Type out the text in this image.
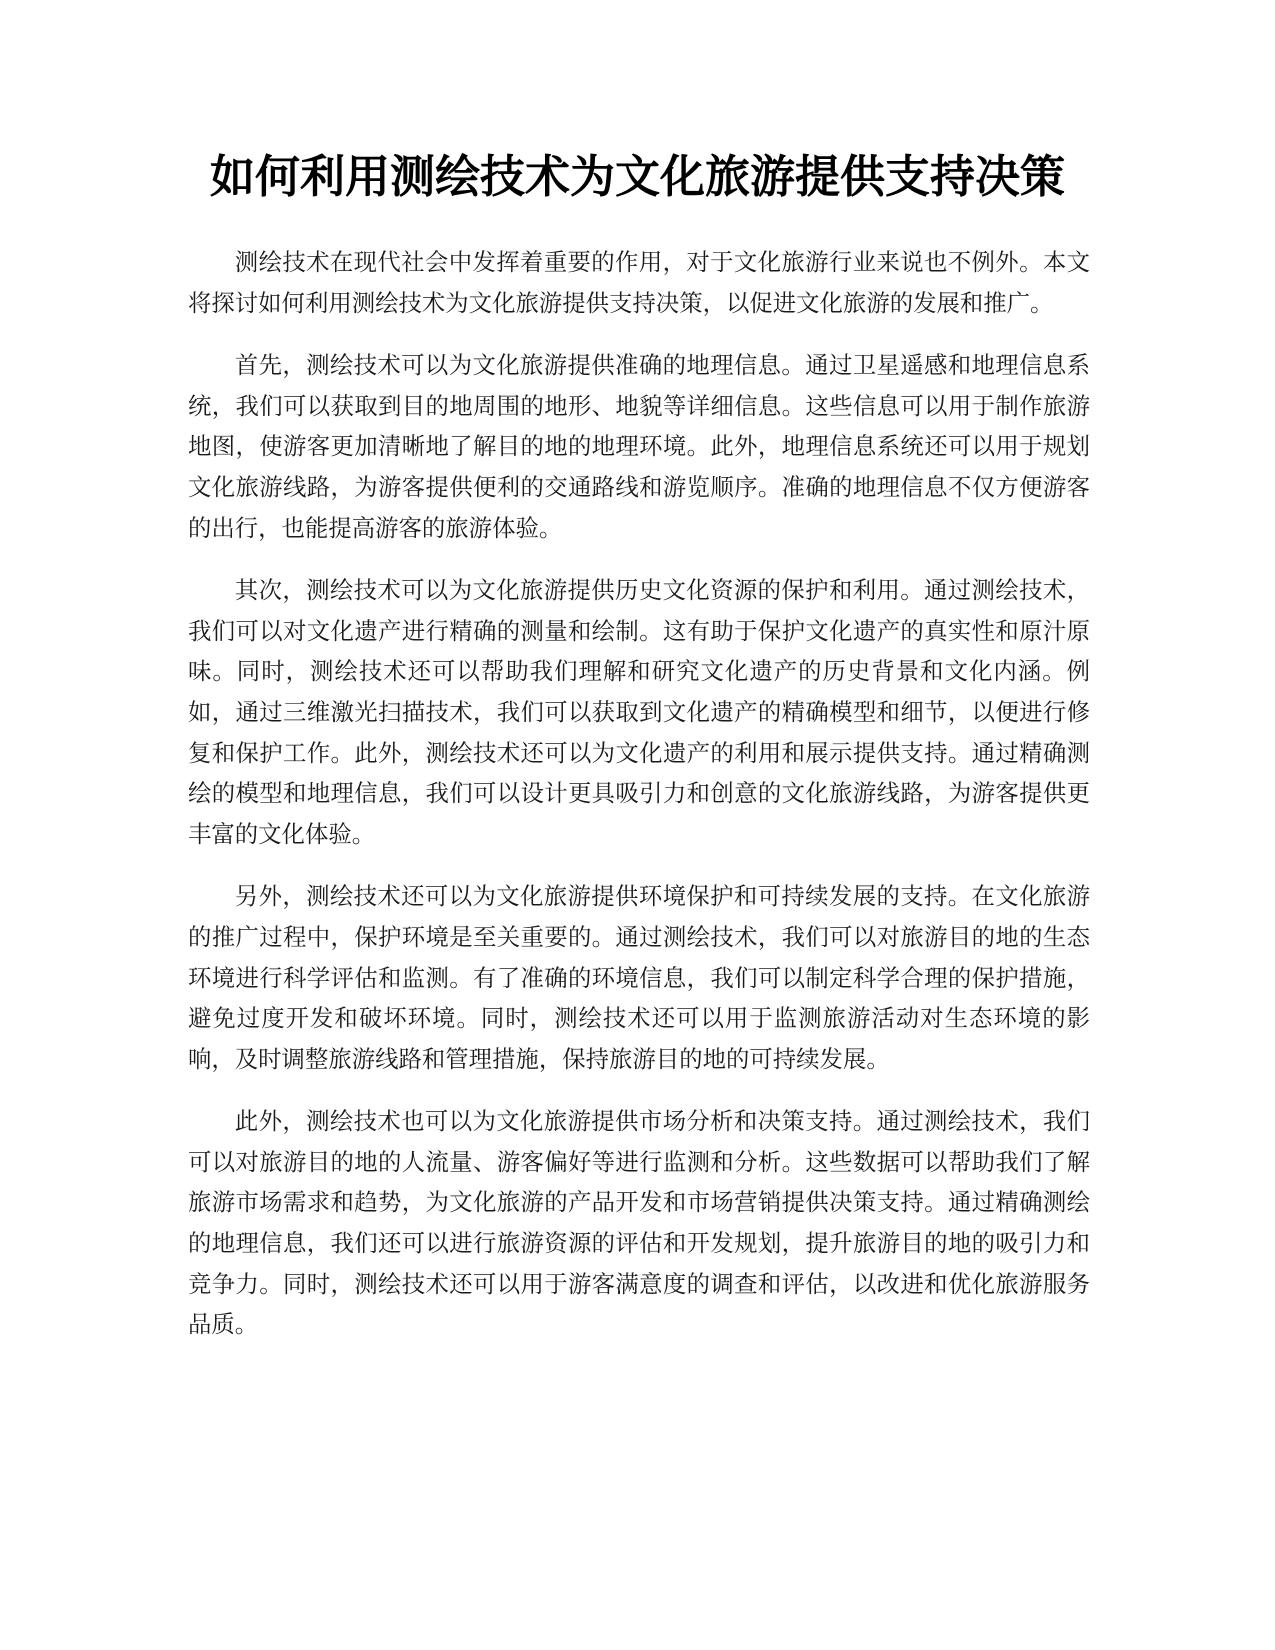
如何利用测绘技术为文化旅游提供支持决策

测绘技术在现代社会中发挥着重要的作用，对于文化旅游行业来说也不例外。本文将探讨如何利用测绘技术为文化旅游提供支持决策，以促进文化旅游的发展和推广。

首先，测绘技术可以为文化旅游提供准确的地理信息。通过卫星遥感和地理信息系统，我们可以获取到目的地周围的地形、地貌等详细信息。这些信息可以用于制作旅游地图，使游客更加清晰地了解目的地的地理环境。此外，地理信息系统还可以用于规划文化旅游线路，为游客提供便利的交通路线和游览顺序。准确的地理信息不仅方便游客的出行，也能提高游客的旅游体验。

其次，测绘技术可以为文化旅游提供历史文化资源的保护和利用。通过测绘技术，我们可以对文化遗产进行精确的测量和绘制。这有助于保护文化遗产的真实性和原汁原味。同时，测绘技术还可以帮助我们理解和研究文化遗产的历史背景和文化内涵。例如，通过三维激光扫描技术，我们可以获取到文化遗产的精确模型和细节，以便进行修复和保护工作。此外，测绘技术还可以为文化遗产的利用和展示提供支持。通过精确测绘的模型和地理信息，我们可以设计更具吸引力和创意的文化旅游线路，为游客提供更丰富的文化体验。

另外，测绘技术还可以为文化旅游提供环境保护和可持续发展的支持。在文化旅游的推广过程中，保护环境是至关重要的。通过测绘技术，我们可以对旅游目的地的生态环境进行科学评估和监测。有了准确的环境信息，我们可以制定科学合理的保护措施，避免过度开发和破坏环境。同时，测绘技术还可以用于监测旅游活动对生态环境的影响，及时调整旅游线路和管理措施，保持旅游目的地的可持续发展。

此外，测绘技术也可以为文化旅游提供市场分析和决策支持。通过测绘技术，我们可以对旅游目的地的人流量、游客偏好等进行监测和分析。这些数据可以帮助我们了解旅游市场需求和趋势，为文化旅游的产品开发和市场营销提供决策支持。通过精确测绘的地理信息，我们还可以进行旅游资源的评估和开发规划，提升旅游目的地的吸引力和竞争力。同时，测绘技术还可以用于游客满意度的调查和评估，以改进和优化旅游服务品质。
